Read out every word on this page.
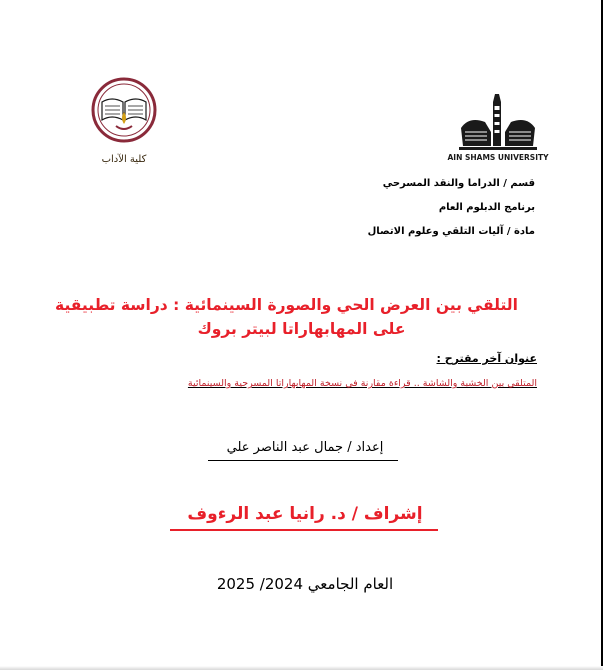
AIN SHAMS UNIVERSITY
كلية الآداب
قسم / الدراما والنقد المسرحي
برنامج الدبلوم العام
مادة / آليات التلقي وعلوم الاتصال
التلقي بين العرض الحي والصورة السينمائية : دراسة تطبيقية
على المهابهاراتا لبيتر بروك
عنوان آخر مقترح :
المتلقي بين الخشبة والشاشة .. قراءة مقارنة في نسخة المهابهاراتا المسرحية والسينمائية
إعداد / جمال عبد الناصر علي
إشراف / د. رانيا عبد الرءوف
العام الجامعي 2024/ 2025
